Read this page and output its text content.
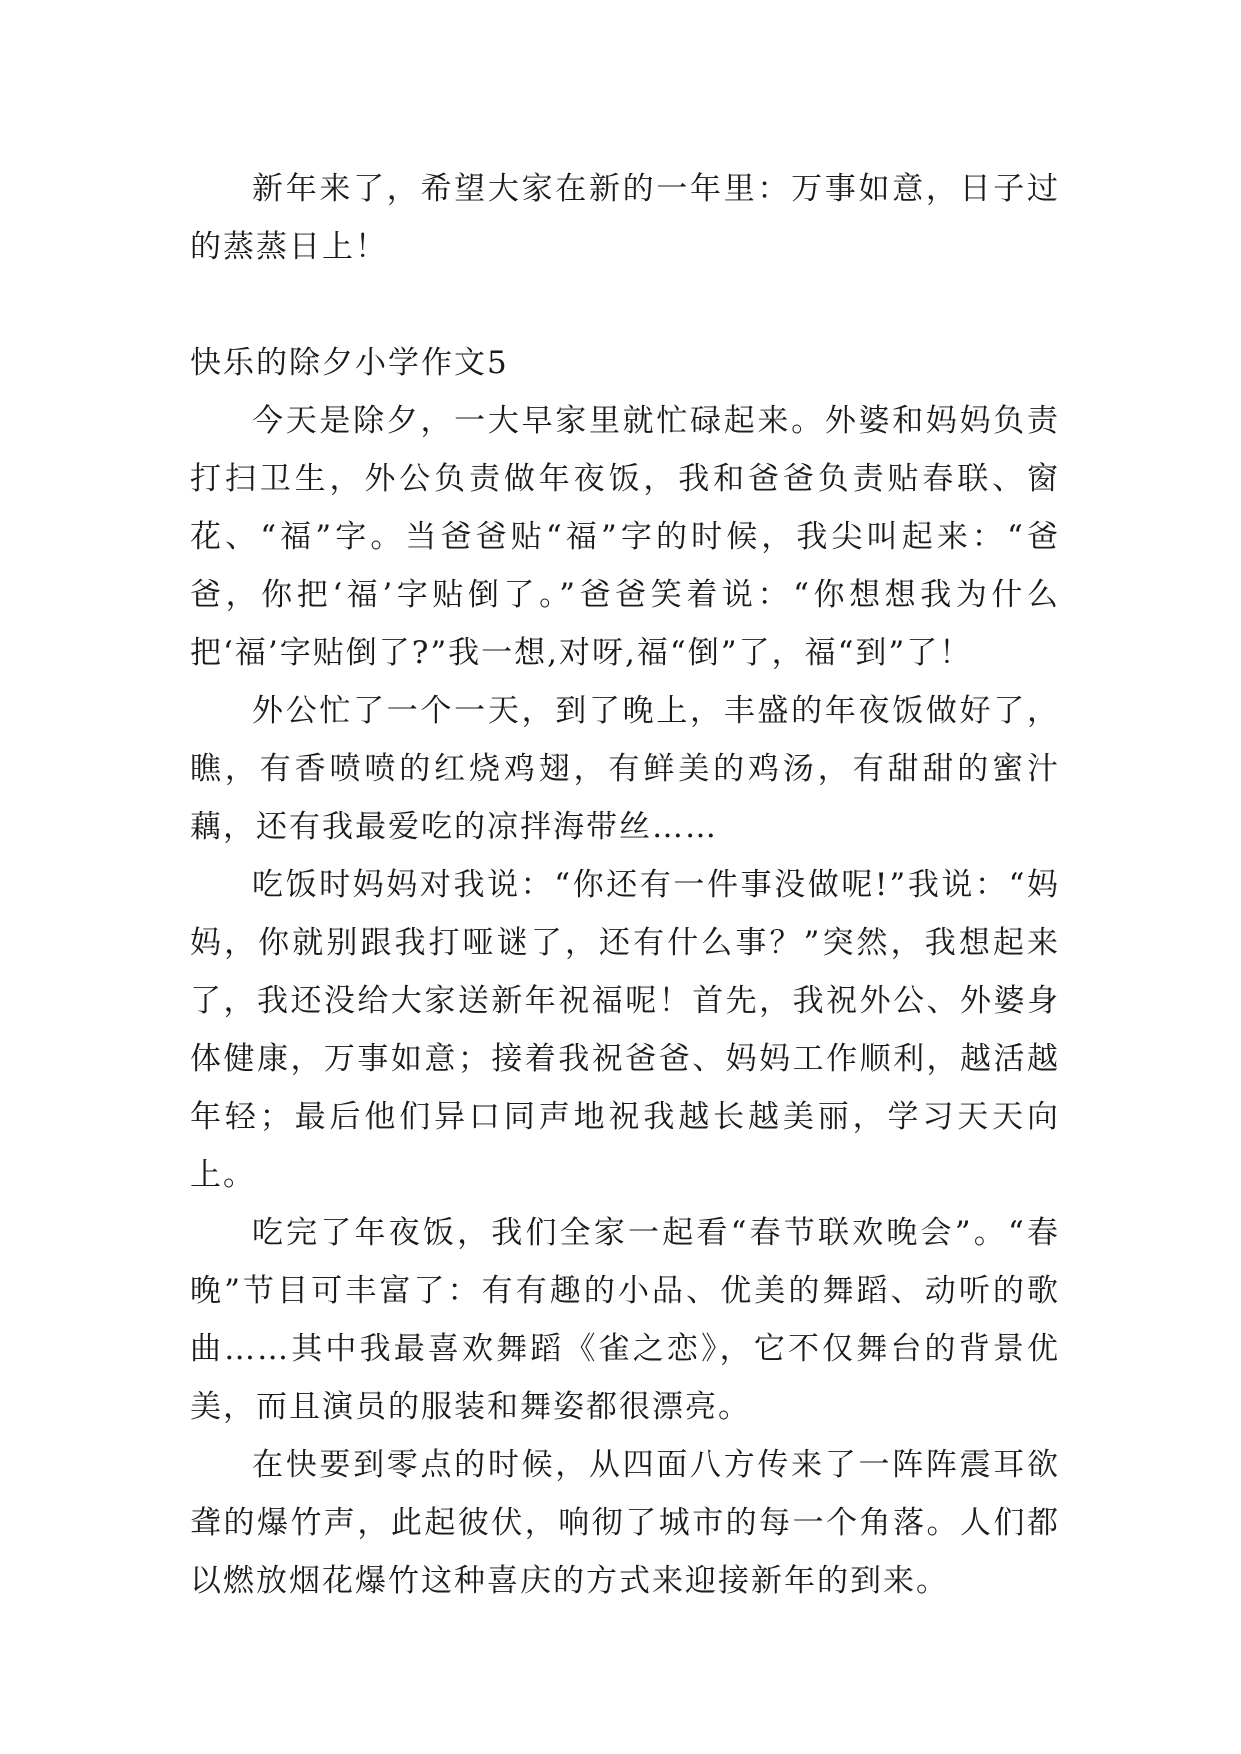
新年来了，希望大家在新的一年里：万事如意，日子过的蒸蒸日上！

快乐的除夕小学作文5

今天是除夕，一大早家里就忙碌起来。外婆和妈妈负责打扫卫生，外公负责做年夜饭，我和爸爸负责贴春联、窗花、“福”字。当爸爸贴“福”字的时候，我尖叫起来：“爸爸，你把‘福’字贴倒了。”爸爸笑着说：“你想想我为什么把‘福’字贴倒了?”我一想,对呀,福“倒”了，福“到”了！

外公忙了一个一天，到了晚上，丰盛的年夜饭做好了，瞧，有香喷喷的红烧鸡翅，有鲜美的鸡汤，有甜甜的蜜汁藕，还有我最爱吃的凉拌海带丝……

吃饭时妈妈对我说：“你还有一件事没做呢!”我说：“妈妈，你就别跟我打哑谜了，还有什么事？”突然，我想起来了，我还没给大家送新年祝福呢！首先，我祝外公、外婆身体健康，万事如意；接着我祝爸爸、妈妈工作顺利，越活越年轻；最后他们异口同声地祝我越长越美丽，学习天天向上。

吃完了年夜饭，我们全家一起看“春节联欢晚会”。“春晚”节目可丰富了：有有趣的小品、优美的舞蹈、动听的歌曲……其中我最喜欢舞蹈《雀之恋》，它不仅舞台的背景优美，而且演员的服装和舞姿都很漂亮。

在快要到零点的时候，从四面八方传来了一阵阵震耳欲聋的爆竹声，此起彼伏，响彻了城市的每一个角落。人们都以燃放烟花爆竹这种喜庆的方式来迎接新年的到来。
